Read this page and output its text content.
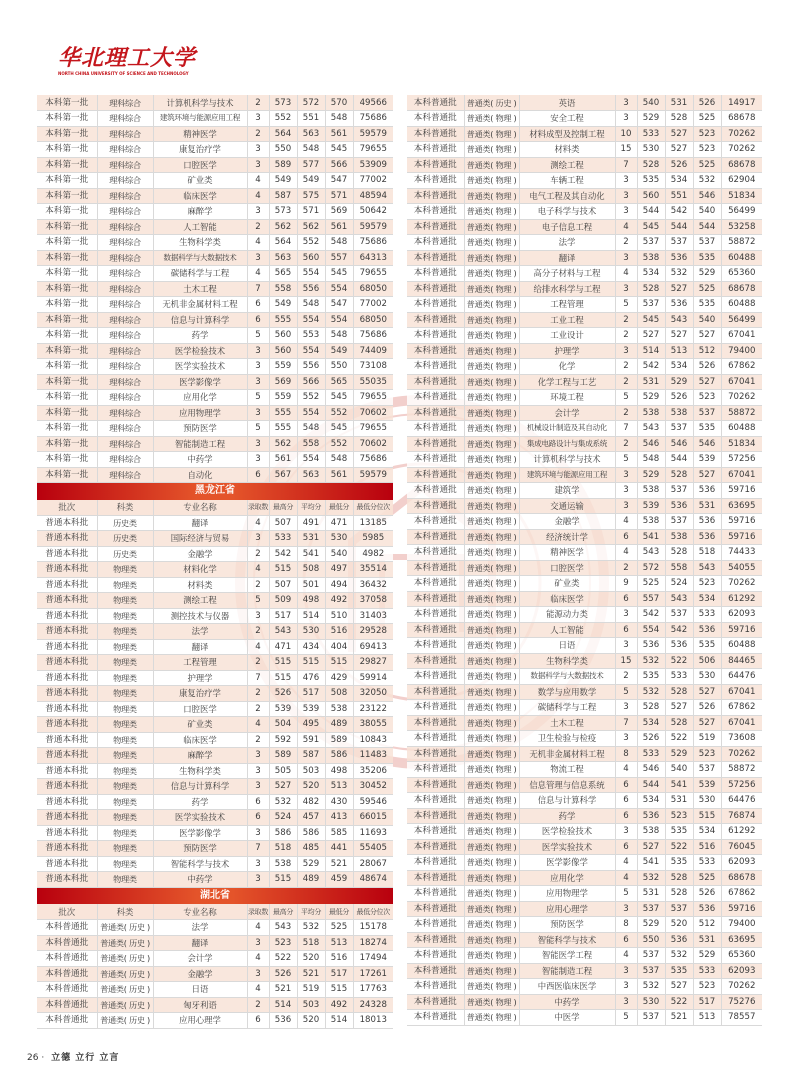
华北理工大学
NORTH CHINA UNIVERSITY OF SCIENCE AND TECHNOLOGY
本科第一批	理科综合	计算机科学与技术	2	573	572	570	49566
本科第一批	理科综合	建筑环境与能源应用工程	3	552	551	548	75686
本科第一批	理科综合	精神医学	2	564	563	561	59579
本科第一批	理科综合	康复治疗学	3	550	548	545	79655
本科第一批	理科综合	口腔医学	3	589	577	566	53909
本科第一批	理科综合	矿业类	4	549	549	547	77002
本科第一批	理科综合	临床医学	4	587	575	571	48594
本科第一批	理科综合	麻醉学	3	573	571	569	50642
本科第一批	理科综合	人工智能	2	562	562	561	59579
本科第一批	理科综合	生物科学类	4	564	552	548	75686
本科第一批	理科综合	数据科学与大数据技术	3	563	560	557	64313
本科第一批	理科综合	碳储科学与工程	4	565	554	545	79655
本科第一批	理科综合	土木工程	7	558	556	554	68050
本科第一批	理科综合	无机非金属材料工程	6	549	548	547	77002
本科第一批	理科综合	信息与计算科学	6	555	554	554	68050
本科第一批	理科综合	药学	5	560	553	548	75686
本科第一批	理科综合	医学检验技术	3	560	554	549	74409
本科第一批	理科综合	医学实验技术	3	559	556	550	73108
本科第一批	理科综合	医学影像学	3	569	566	565	55035
本科第一批	理科综合	应用化学	5	559	552	545	79655
本科第一批	理科综合	应用物理学	3	555	554	552	70602
本科第一批	理科综合	预防医学	5	555	548	545	79655
本科第一批	理科综合	智能制造工程	3	562	558	552	70602
本科第一批	理科综合	中药学	3	561	554	548	75686
本科第一批	理科综合	自动化	6	567	563	561	59579
黑龙江省							
批次	科类	专业名称	录取数	最高分	平均分	最低分	最低分位次
普通本科批	历史类	翻译	4	507	491	471	13185
普通本科批	历史类	国际经济与贸易	3	533	531	530	5985
普通本科批	历史类	金融学	2	542	541	540	4982
普通本科批	物理类	材料化学	4	515	508	497	35514
普通本科批	物理类	材料类	2	507	501	494	36432
普通本科批	物理类	测绘工程	5	509	498	492	37058
普通本科批	物理类	测控技术与仪器	3	517	514	510	31403
普通本科批	物理类	法学	2	543	530	516	29528
普通本科批	物理类	翻译	4	471	434	404	69413
普通本科批	物理类	工程管理	2	515	515	515	29827
普通本科批	物理类	护理学	7	515	476	429	59914
普通本科批	物理类	康复治疗学	2	526	517	508	32050
普通本科批	物理类	口腔医学	2	539	539	538	23122
普通本科批	物理类	矿业类	4	504	495	489	38055
普通本科批	物理类	临床医学	2	592	591	589	10843
普通本科批	物理类	麻醉学	3	589	587	586	11483
普通本科批	物理类	生物科学类	3	505	503	498	35206
普通本科批	物理类	信息与计算科学	3	527	520	513	30452
普通本科批	物理类	药学	6	532	482	430	59546
普通本科批	物理类	医学实验技术	6	524	457	413	66015
普通本科批	物理类	医学影像学	3	586	586	585	11693
普通本科批	物理类	预防医学	7	518	485	441	55405
普通本科批	物理类	智能科学与技术	3	538	529	521	28067
普通本科批	物理类	中药学	3	515	489	459	48674
湖北省							
批次	科类	专业名称	录取数	最高分	平均分	最低分	最低分位次
本科普通批	普通类( 历史 )	法学	4	543	532	525	15178
本科普通批	普通类( 历史 )	翻译	3	523	518	513	18274
本科普通批	普通类( 历史 )	会计学	4	522	520	516	17494
本科普通批	普通类( 历史 )	金融学	3	526	521	517	17261
本科普通批	普通类( 历史 )	日语	4	521	519	515	17763
本科普通批	普通类( 历史 )	匈牙利语	2	514	503	492	24328
本科普通批	普通类( 历史 )	应用心理学	6	536	520	514	18013
本科普通批	普通类( 历史 )	英语	3	540	531	526	14917
本科普通批	普通类( 物理 )	安全工程	3	529	528	525	68678
本科普通批	普通类( 物理 )	材料成型及控制工程	10	533	527	523	70262
本科普通批	普通类( 物理 )	材料类	15	530	527	523	70262
本科普通批	普通类( 物理 )	测绘工程	7	528	526	525	68678
本科普通批	普通类( 物理 )	车辆工程	3	535	534	532	62904
本科普通批	普通类( 物理 )	电气工程及其自动化	3	560	551	546	51834
本科普通批	普通类( 物理 )	电子科学与技术	3	544	542	540	56499
本科普通批	普通类( 物理 )	电子信息工程	4	545	544	544	53258
本科普通批	普通类( 物理 )	法学	2	537	537	537	58872
本科普通批	普通类( 物理 )	翻译	3	538	536	535	60488
本科普通批	普通类( 物理 )	高分子材料与工程	4	534	532	529	65360
本科普通批	普通类( 物理 )	给排水科学与工程	3	528	527	525	68678
本科普通批	普通类( 物理 )	工程管理	5	537	536	535	60488
本科普通批	普通类( 物理 )	工业工程	2	545	543	540	56499
本科普通批	普通类( 物理 )	工业设计	2	527	527	527	67041
本科普通批	普通类( 物理 )	护理学	3	514	513	512	79400
本科普通批	普通类( 物理 )	化学	2	542	534	526	67862
本科普通批	普通类( 物理 )	化学工程与工艺	2	531	529	527	67041
本科普通批	普通类( 物理 )	环境工程	5	529	526	523	70262
本科普通批	普通类( 物理 )	会计学	2	538	538	537	58872
本科普通批	普通类( 物理 )	机械设计制造及其自动化	7	543	537	535	60488
本科普通批	普通类( 物理 )	集成电路设计与集成系统	2	546	546	546	51834
本科普通批	普通类( 物理 )	计算机科学与技术	5	548	544	539	57256
本科普通批	普通类( 物理 )	建筑环境与能源应用工程	3	529	528	527	67041
本科普通批	普通类( 物理 )	建筑学	3	538	537	536	59716
本科普通批	普通类( 物理 )	交通运输	3	539	536	531	63695
本科普通批	普通类( 物理 )	金融学	4	538	537	536	59716
本科普通批	普通类( 物理 )	经济统计学	6	541	538	536	59716
本科普通批	普通类( 物理 )	精神医学	4	543	528	518	74433
本科普通批	普通类( 物理 )	口腔医学	2	572	558	543	54055
本科普通批	普通类( 物理 )	矿业类	9	525	524	523	70262
本科普通批	普通类( 物理 )	临床医学	6	557	543	534	61292
本科普通批	普通类( 物理 )	能源动力类	3	542	537	533	62093
本科普通批	普通类( 物理 )	人工智能	6	554	542	536	59716
本科普通批	普通类( 物理 )	日语	3	536	536	535	60488
本科普通批	普通类( 物理 )	生物科学类	15	532	522	506	84465
本科普通批	普通类( 物理 )	数据科学与大数据技术	2	535	533	530	64476
本科普通批	普通类( 物理 )	数学与应用数学	5	532	528	527	67041
本科普通批	普通类( 物理 )	碳储科学与工程	3	528	527	526	67862
本科普通批	普通类( 物理 )	土木工程	7	534	528	527	67041
本科普通批	普通类( 物理 )	卫生检验与检疫	3	526	522	519	73608
本科普通批	普通类( 物理 )	无机非金属材料工程	8	533	529	523	70262
本科普通批	普通类( 物理 )	物流工程	4	546	540	537	58872
本科普通批	普通类( 物理 )	信息管理与信息系统	6	544	541	539	57256
本科普通批	普通类( 物理 )	信息与计算科学	6	534	531	530	64476
本科普通批	普通类( 物理 )	药学	6	536	523	515	76874
本科普通批	普通类( 物理 )	医学检验技术	3	538	535	534	61292
本科普通批	普通类( 物理 )	医学实验技术	6	527	522	516	76045
本科普通批	普通类( 物理 )	医学影像学	4	541	535	533	62093
本科普通批	普通类( 物理 )	应用化学	4	532	528	525	68678
本科普通批	普通类( 物理 )	应用物理学	5	531	528	526	67862
本科普通批	普通类( 物理 )	应用心理学	3	537	537	536	59716
本科普通批	普通类( 物理 )	预防医学	8	529	520	512	79400
本科普通批	普通类( 物理 )	智能科学与技术	6	550	536	531	63695
本科普通批	普通类( 物理 )	智能医学工程	4	537	532	529	65360
本科普通批	普通类( 物理 )	智能制造工程	3	537	535	533	62093
本科普通批	普通类( 物理 )	中西医临床医学	3	532	527	523	70262
本科普通批	普通类( 物理 )	中药学	3	530	522	517	75276
本科普通批	普通类( 物理 )	中医学	5	537	521	513	78557
26 · 立德 立行 立言
